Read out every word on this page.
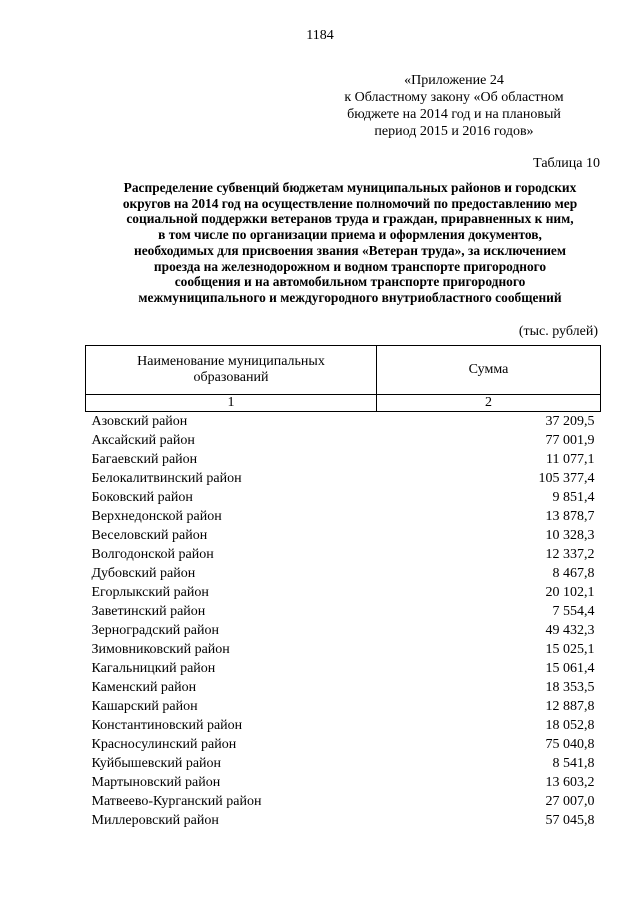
1184
«Приложение 24
к Областному закону «Об областном
бюджете на 2014 год и на плановый
период 2015 и 2016 годов»
Таблица 10
Распределение субвенций бюджетам муниципальных районов и городских
округов на 2014 год на осуществление полномочий по предоставлению мер
социальной поддержки ветеранов труда и граждан, приравненных к ним,
в том числе по организации приема и оформления документов,
необходимых для присвоения звания «Ветеран труда», за исключением
проезда на железнодорожном и водном транспорте пригородного
сообщения и на автомобильном транспорте пригородного
межмуниципального и междугородного внутриобластного сообщений
(тыс. рублей)
Наименование муниципальных
образований	Сумма
1	2
Азовский район	37 209,5
Аксайский район	77 001,9
Багаевский район	11 077,1
Белокалитвинский район	105 377,4
Боковский район	9 851,4
Верхнедонской район	13 878,7
Веселовский район	10 328,3
Волгодонской район	12 337,2
Дубовский район	8 467,8
Егорлыкский район	20 102,1
Заветинский район	7 554,4
Зерноградский район	49 432,3
Зимовниковский район	15 025,1
Кагальницкий район	15 061,4
Каменский район	18 353,5
Кашарский район	12 887,8
Константиновский район	18 052,8
Красносулинский район	75 040,8
Куйбышевский район	8 541,8
Мартыновский район	13 603,2
Матвеево-Курганский район	27 007,0
Миллеровский район	57 045,8
